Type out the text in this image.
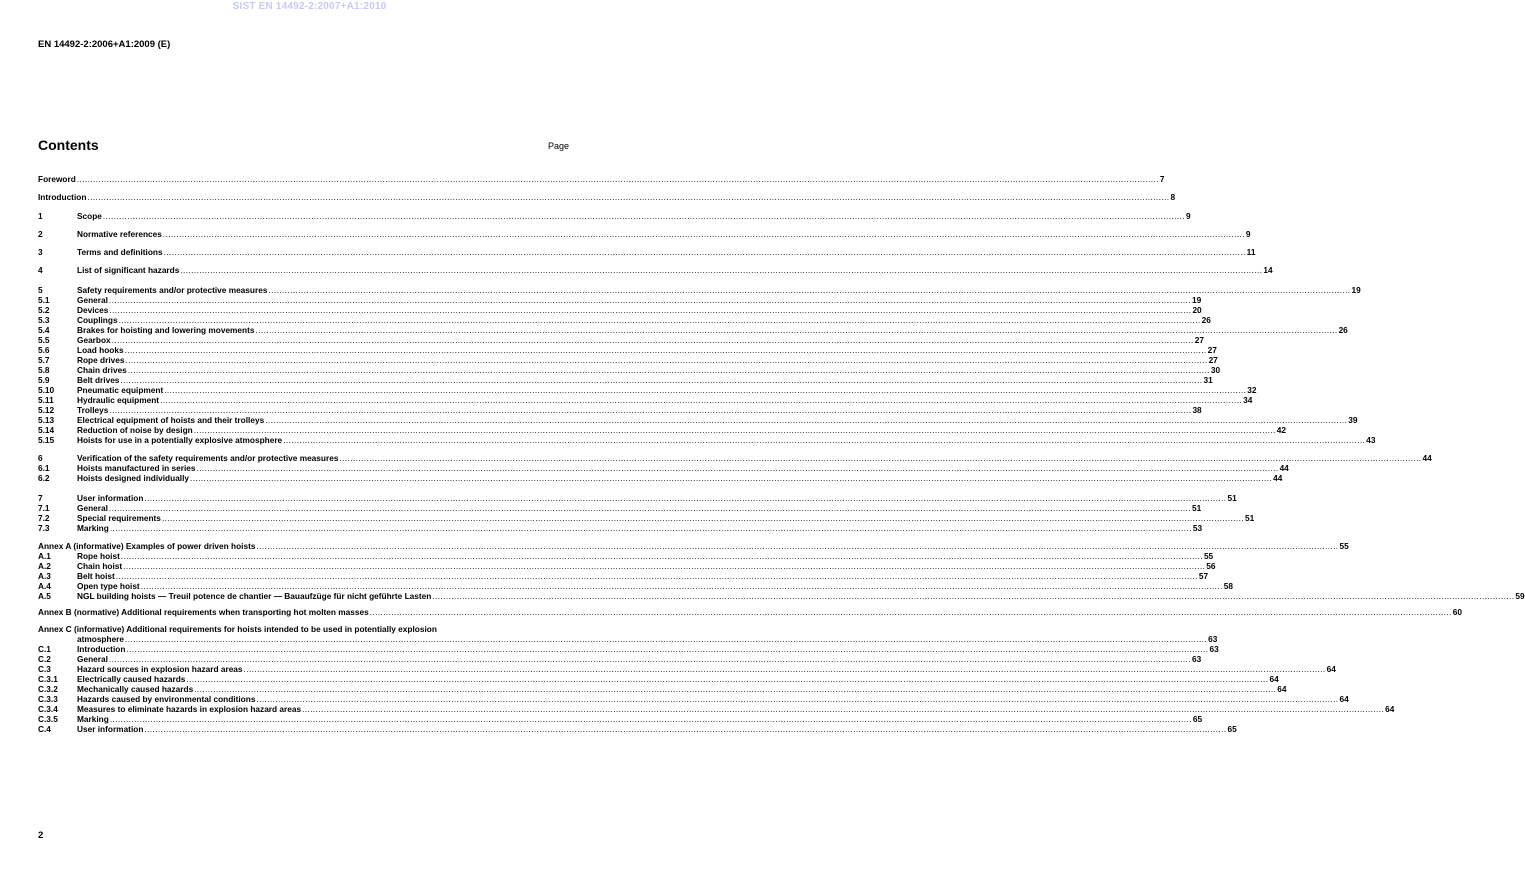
SIST EN 14492-2:2007+A1:2010
EN 14492-2:2006+A1:2009 (E)
Contents	Page
Foreword ................................................................................................................................................................................................................................................................................................................................................................................................................ 7
Introduction ................................................................................................................................................................................................................................................................................................................................................................................................................ 8
1	Scope ................................................................................................................................................................................................................................................................................................................................................................................................................ 9
2	Normative references ................................................................................................................................................................................................................................................................................................................................................................................................................ 9
3	Terms and definitions ................................................................................................................................................................................................................................................................................................................................................................................................................ 11
4	List of significant hazards ................................................................................................................................................................................................................................................................................................................................................................................................................ 14
5	Safety requirements and/or protective measures ................................................................................................................................................................................................................................................................................................................................................................................................................ 19
5.1	General ................................................................................................................................................................................................................................................................................................................................................................................................................ 19
5.2	Devices ................................................................................................................................................................................................................................................................................................................................................................................................................ 20
5.3	Couplings ................................................................................................................................................................................................................................................................................................................................................................................................................ 26
5.4	Brakes for hoisting and lowering movements ................................................................................................................................................................................................................................................................................................................................................................................................................ 26
5.5	Gearbox ................................................................................................................................................................................................................................................................................................................................................................................................................ 27
5.6	Load hooks ................................................................................................................................................................................................................................................................................................................................................................................................................ 27
5.7	Rope drives ................................................................................................................................................................................................................................................................................................................................................................................................................ 27
5.8	Chain drives ................................................................................................................................................................................................................................................................................................................................................................................................................ 30
5.9	Belt drives ................................................................................................................................................................................................................................................................................................................................................................................................................ 31
5.10	Pneumatic equipment ................................................................................................................................................................................................................................................................................................................................................................................................................ 32
5.11	Hydraulic equipment ................................................................................................................................................................................................................................................................................................................................................................................................................ 34
5.12	Trolleys ................................................................................................................................................................................................................................................................................................................................................................................................................ 38
5.13	Electrical equipment of hoists and their trolleys ................................................................................................................................................................................................................................................................................................................................................................................................................ 39
5.14	Reduction of noise by design ................................................................................................................................................................................................................................................................................................................................................................................................................ 42
5.15	Hoists for use in a potentially explosive atmosphere ................................................................................................................................................................................................................................................................................................................................................................................................................ 43
6	Verification of the safety requirements and/or protective measures ................................................................................................................................................................................................................................................................................................................................................................................................................ 44
6.1	Hoists manufactured in series ................................................................................................................................................................................................................................................................................................................................................................................................................ 44
6.2	Hoists designed individually ................................................................................................................................................................................................................................................................................................................................................................................................................ 44
7	User information ................................................................................................................................................................................................................................................................................................................................................................................................................ 51
7.1	General ................................................................................................................................................................................................................................................................................................................................................................................................................ 51
7.2	Special requirements ................................................................................................................................................................................................................................................................................................................................................................................................................ 51
7.3	Marking ................................................................................................................................................................................................................................................................................................................................................................................................................ 53
Annex A (informative) Examples of power driven hoists ................................................................................................................................................................................................................................................................................................................................................................................................................ 55
A.1	Rope hoist ................................................................................................................................................................................................................................................................................................................................................................................................................ 55
A.2	Chain hoist ................................................................................................................................................................................................................................................................................................................................................................................................................ 56
A.3	Belt hoist ................................................................................................................................................................................................................................................................................................................................................................................................................ 57
A.4	Open type hoist ................................................................................................................................................................................................................................................................................................................................................................................................................ 58
A.5	NGL building hoists — Treuil potence de chantier — Bauaufzüge für nicht geführte Lasten ................................................................................................................................................................................................................................................................................................................................................................................................................ 59
Annex B (normative) Additional requirements when transporting hot molten masses ................................................................................................................................................................................................................................................................................................................................................................................................................ 60
Annex C (informative) Additional requirements for hoists intended to be used in potentially explosion
atmosphere ................................................................................................................................................................................................................................................................................................................................................................................................................ 63
C.1	Introduction ................................................................................................................................................................................................................................................................................................................................................................................................................ 63
C.2	General ................................................................................................................................................................................................................................................................................................................................................................................................................ 63
C.3	Hazard sources in explosion hazard areas ................................................................................................................................................................................................................................................................................................................................................................................................................ 64
C.3.1 Electrically caused hazards ................................................................................................................................................................................................................................................................................................................................................................................................................ 64
C.3.2 Mechanically caused hazards ................................................................................................................................................................................................................................................................................................................................................................................................................ 64
C.3.3 Hazards caused by environmental conditions ................................................................................................................................................................................................................................................................................................................................................................................................................ 64
C.3.4 Measures to eliminate hazards in explosion hazard areas ................................................................................................................................................................................................................................................................................................................................................................................................................ 64
C.3.5 Marking ................................................................................................................................................................................................................................................................................................................................................................................................................ 65
C.4	User information ................................................................................................................................................................................................................................................................................................................................................................................................................ 65
2
